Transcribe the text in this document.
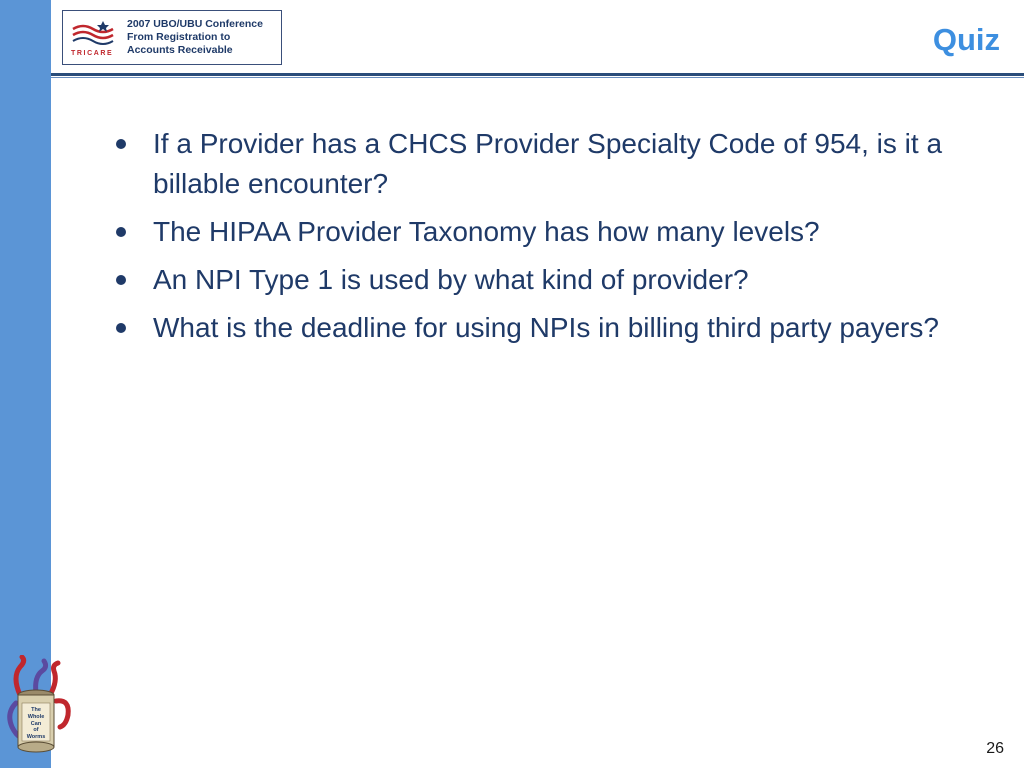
TRICARE
2007 UBO/UBU Conference
From Registration to
Accounts Receivable	Quiz
If a Provider has a CHCS Provider Specialty Code of 954, is it a billable encounter?
The HIPAA Provider Taxonomy has how many levels?
An NPI Type 1 is used by what kind of provider?
What is the deadline for using NPIs in billing third party payers?
The
Whole
Can
of
Worms
26
